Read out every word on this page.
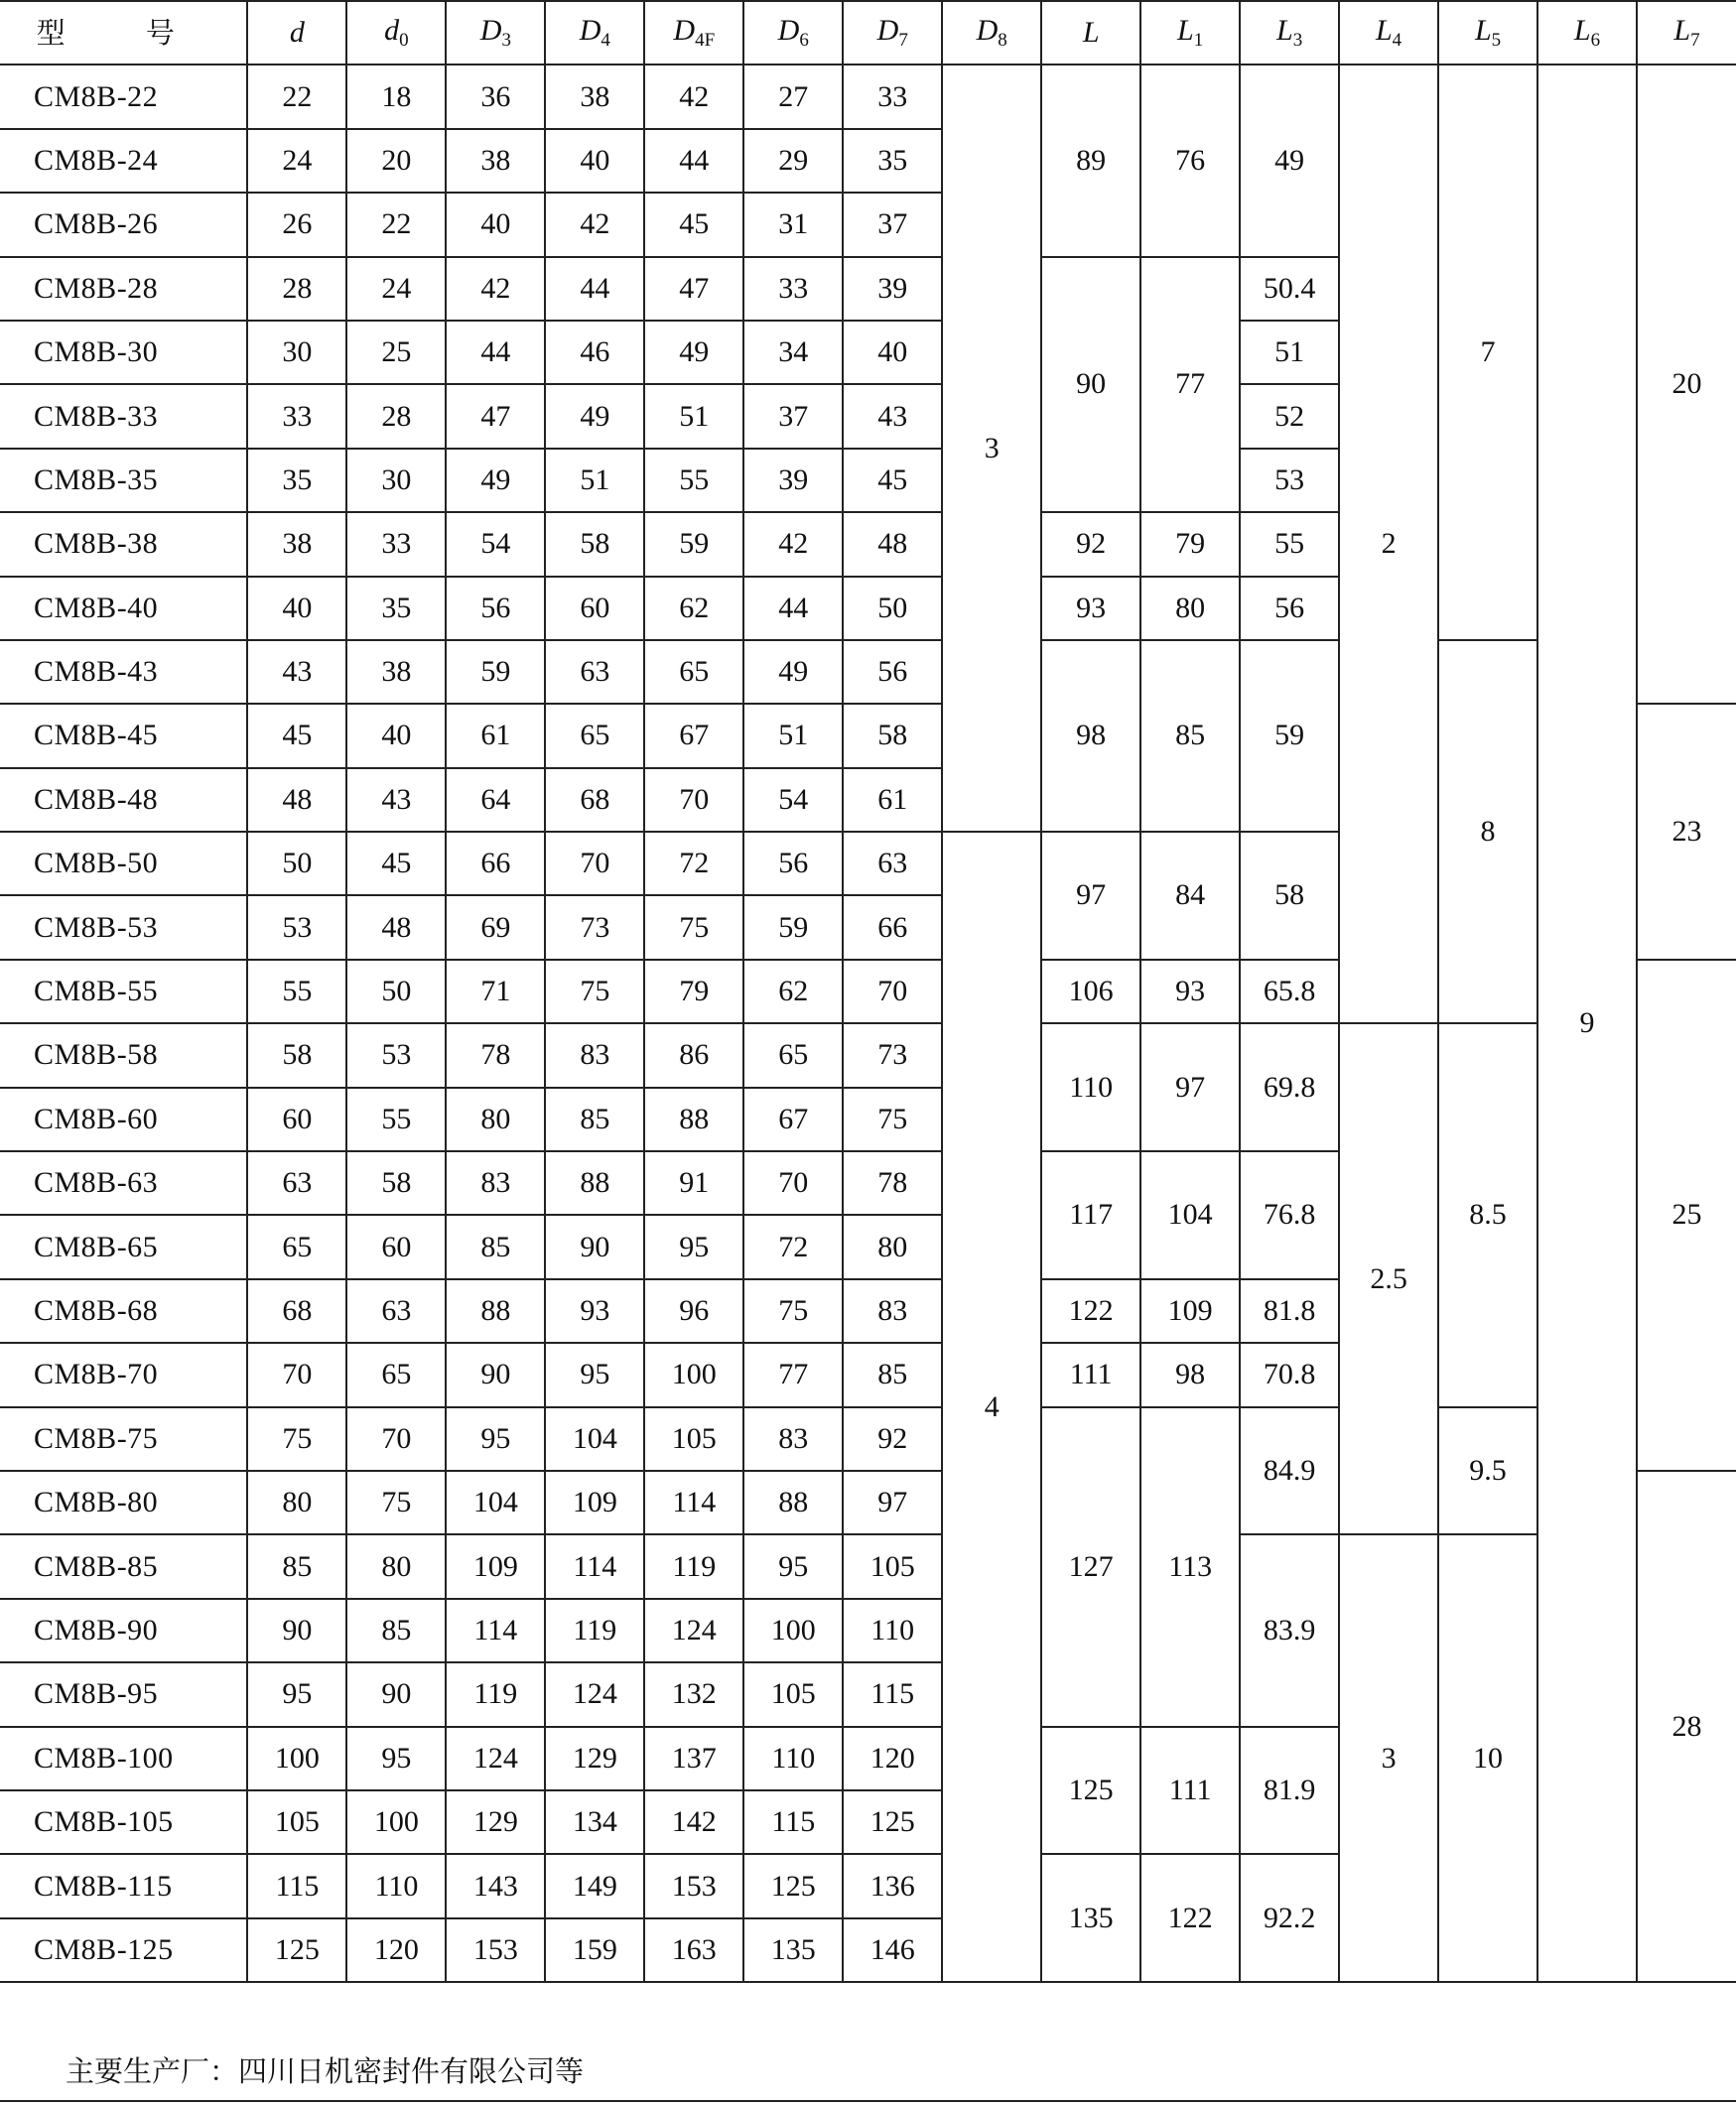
型 号	d	$d_0$	$D_3$	$D_4$	$D_{4F}$	$D_6$	$D_7$	$D_8$	L	$L_1$	$L_3$	$L_4$	$L_5$	$L_6$	$L_7$
CM8B-22	22	18	36	38	42	27	33	3	89	76	49	2	7	9	20
CM8B-24	24	20	38	40	44	29	35								
CM8B-26	26	22	40	42	45	31	37								
CM8B-28	28	24	42	44	47	33	39		90	77	50.4				
CM8B-30	30	25	44	46	49	34	40				51				
CM8B-33	33	28	47	49	51	37	43				52				
CM8B-35	35	30	49	51	55	39	45				53				
CM8B-38	38	33	54	58	59	42	48		92	79	55				
CM8B-40	40	35	56	60	62	44	50		93	80	56				
CM8B-43	43	38	59	63	65	49	56		98	85	59		8		
CM8B-45	45	40	61	65	67	51	58								23
CM8B-48	48	43	64	68	70	54	61								
CM8B-50	50	45	66	70	72	56	63	4	97	84	58				
CM8B-53	53	48	69	73	75	59	66								
CM8B-55	55	50	71	75	79	62	70		106	93	65.8				25
CM8B-58	58	53	78	83	86	65	73		110	97	69.8	2.5	8.5		
CM8B-60	60	55	80	85	88	67	75								
CM8B-63	63	58	83	88	91	70	78		117	104	76.8				
CM8B-65	65	60	85	90	95	72	80								
CM8B-68	68	63	88	93	96	75	83		122	109	81.8				
CM8B-70	70	65	90	95	100	77	85		111	98	70.8				
CM8B-75	75	70	95	104	105	83	92		127	113	84.9		9.5		
CM8B-80	80	75	104	109	114	88	97								28
CM8B-85	85	80	109	114	119	95	105				83.9	3	10		
CM8B-90	90	85	114	119	124	100	110								
CM8B-95	95	90	119	124	132	105	115								
CM8B-100	100	95	124	129	137	110	120		125	111	81.9				
CM8B-105	105	100	129	134	142	115	125								
CM8B-115	115	110	143	149	153	125	136		135	122	92.2				
CM8B-125	125	120	153	159	163	135	146								
主要生产厂：四川日机密封件有限公司等
